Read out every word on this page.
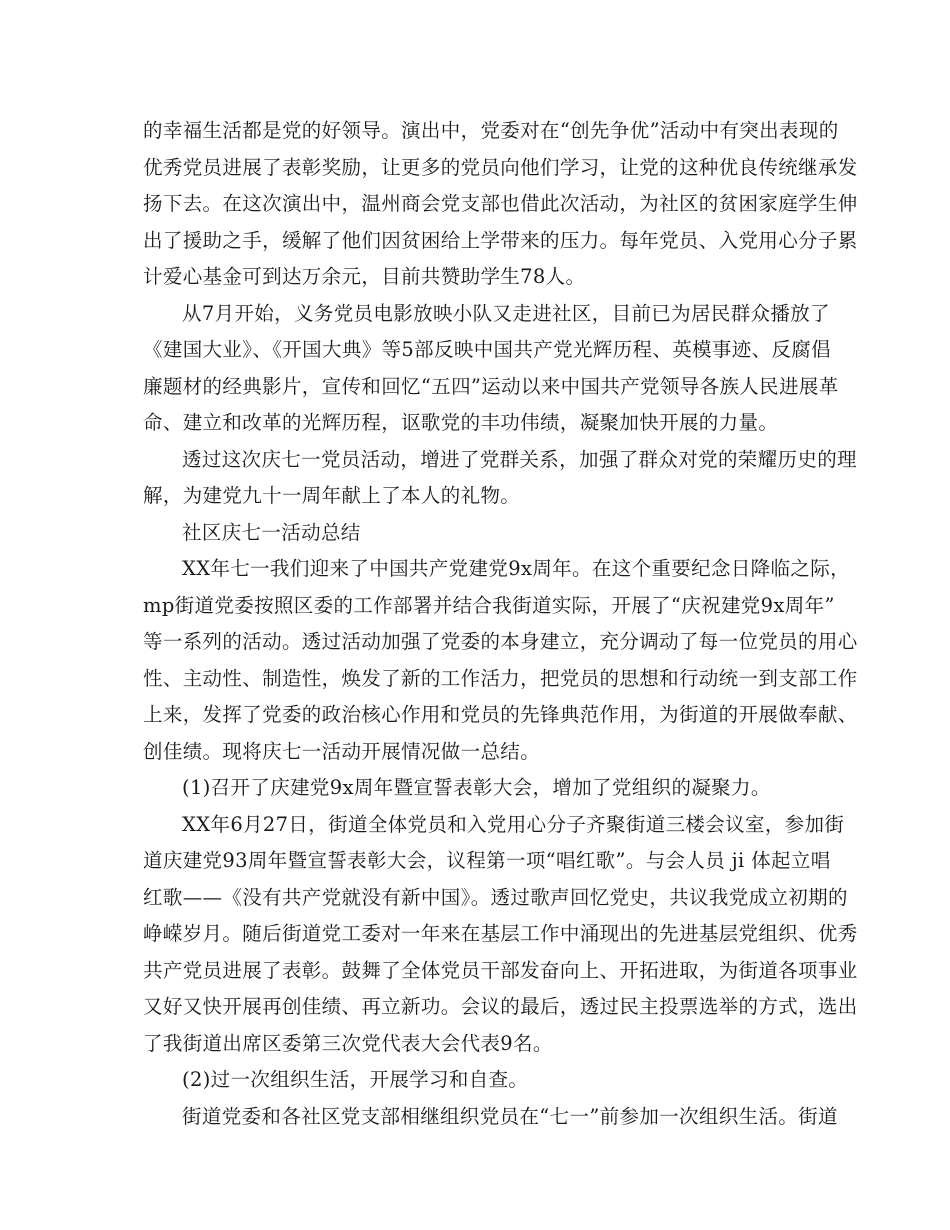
的幸福生活都是党的好领导。演出中，党委对在“创先争优”活动中有突出表现的
优秀党员进展了表彰奖励，让更多的党员向他们学习，让党的这种优良传统继承发
扬下去。在这次演出中，温州商会党支部也借此次活动，为社区的贫困家庭学生伸
出了援助之手，缓解了他们因贫困给上学带来的压力。每年党员、入党用心分子累
计爱心基金可到达万余元，目前共赞助学生78人。
从7月开始，义务党员电影放映小队又走进社区，目前已为居民群众播放了
《建国大业》、《开国大典》等5部反映中国共产党光辉历程、英模事迹、反腐倡
廉题材的经典影片，宣传和回忆“五四”运动以来中国共产党领导各族人民进展革
命、建立和改革的光辉历程，讴歌党的丰功伟绩，凝聚加快开展的力量。
透过这次庆七一党员活动，增进了党群关系，加强了群众对党的荣耀历史的理
解，为建党九十一周年献上了本人的礼物。
社区庆七一活动总结
XX年七一我们迎来了中国共产党建党9x周年。在这个重要纪念日降临之际，
mp街道党委按照区委的工作部署并结合我街道实际，开展了“庆祝建党9x周年”
等一系列的活动。透过活动加强了党委的本身建立，充分调动了每一位党员的用心
性、主动性、制造性，焕发了新的工作活力，把党员的思想和行动统一到支部工作
上来，发挥了党委的政治核心作用和党员的先锋典范作用，为街道的开展做奉献、
创佳绩。现将庆七一活动开展情况做一总结。
(1)召开了庆建党9x周年暨宣誓表彰大会，增加了党组织的凝聚力。
XX年6月27日，街道全体党员和入党用心分子齐聚街道三楼会议室，参加街
道庆建党93周年暨宣誓表彰大会，议程第一项“唱红歌”。与会人员 ji 体起立唱
红歌——《没有共产党就没有新中国》。透过歌声回忆党史，共议我党成立初期的
峥嵘岁月。随后街道党工委对一年来在基层工作中涌现出的先进基层党组织、优秀
共产党员进展了表彰。鼓舞了全体党员干部发奋向上、开拓进取，为街道各项事业
又好又快开展再创佳绩、再立新功。会议的最后，透过民主投票选举的方式，选出
了我街道出席区委第三次党代表大会代表9名。
(2)过一次组织生活，开展学习和自查。
街道党委和各社区党支部相继组织党员在“七一”前参加一次组织生活。街道
